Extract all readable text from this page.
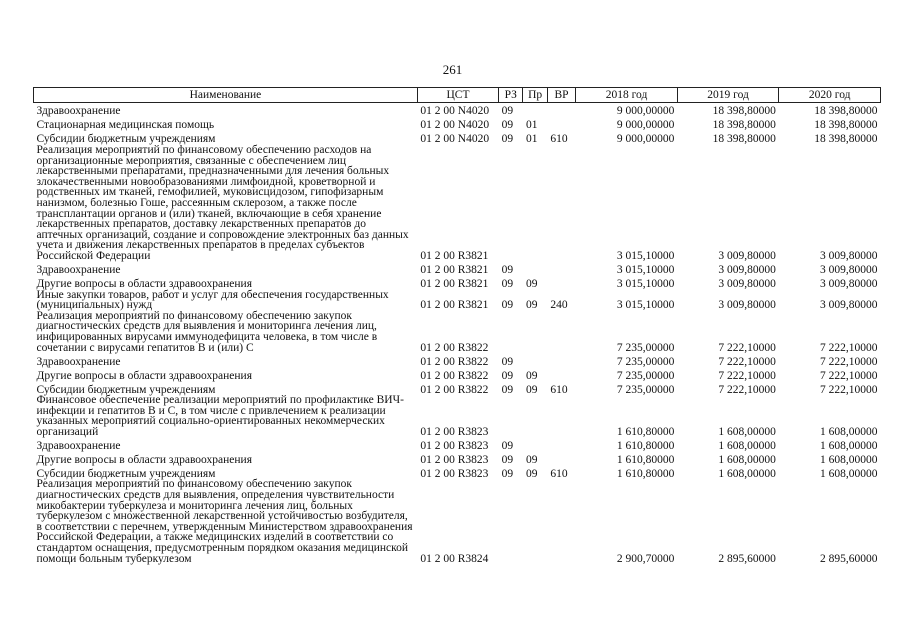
261
Наименование	ЦСТ	РЗ	Пр	ВР	2018 год	2019 год	2020 год
Здравоохранение	01 2 00 N4020	09			9 000,00000	18 398,80000	18 398,80000
Стационарная медицинская помощь	01 2 00 N4020	09	01		9 000,00000	18 398,80000	18 398,80000
Субсидии бюджетным учреждениям	01 2 00 N4020	09	01	610	9 000,00000	18 398,80000	18 398,80000
Реализация мероприятий по финансовому обеспечению расходов на организационные мероприятия, связанные с обеспечением лиц лекарственными препаратами, предназначенными для лечения больных злокачественными новообразованиями лимфоидной, кроветворной и родственных им тканей, гемофилией, муковисцидозом, гипофизарным нанизмом, болезнью Гоше, рассеянным склерозом, а также после трансплантации органов и (или) тканей, включающие в себя хранение лекарственных препаратов, доставку лекарственных препаратов до аптечных организаций, создание и сопровождение электронных баз данных учета и движения лекарственных препаратов в пределах субъектов Российской Федерации	01 2 00 R3821				3 015,10000	3 009,80000	3 009,80000
Здравоохранение	01 2 00 R3821	09			3 015,10000	3 009,80000	3 009,80000
Другие вопросы в области здравоохранения	01 2 00 R3821	09	09		3 015,10000	3 009,80000	3 009,80000
Иные закупки товаров, работ и услуг для обеспечения государственных (муниципальных) нужд	01 2 00 R3821	09	09	240	3 015,10000	3 009,80000	3 009,80000
Реализация мероприятий по финансовому обеспечению закупок диагностических средств для выявления и мониторинга лечения лиц, инфицированных вирусами иммунодефицита человека, в том числе в сочетании с вирусами гепатитов В и (или) С	01 2 00 R3822				7 235,00000	7 222,10000	7 222,10000
Здравоохранение	01 2 00 R3822	09			7 235,00000	7 222,10000	7 222,10000
Другие вопросы в области здравоохранения	01 2 00 R3822	09	09		7 235,00000	7 222,10000	7 222,10000
Субсидии бюджетным учреждениям	01 2 00 R3822	09	09	610	7 235,00000	7 222,10000	7 222,10000
Финансовое обеспечение реализации мероприятий по профилактике ВИЧ-инфекции и гепатитов В и С, в том числе с привлечением к реализации указанных мероприятий социально-ориентированных некоммерческих организаций	01 2 00 R3823				1 610,80000	1 608,00000	1 608,00000
Здравоохранение	01 2 00 R3823	09			1 610,80000	1 608,00000	1 608,00000
Другие вопросы в области здравоохранения	01 2 00 R3823	09	09		1 610,80000	1 608,00000	1 608,00000
Субсидии бюджетным учреждениям	01 2 00 R3823	09	09	610	1 610,80000	1 608,00000	1 608,00000
Реализация мероприятий по финансовому обеспечению закупок диагностических средств для выявления, определения чувствительности микобактерии туберкулеза и мониторинга лечения лиц, больных туберкулезом с множественной лекарственной устойчивостью возбудителя, в соответствии с перечнем, утвержденным Министерством здравоохранения Российской Федерации, а также медицинских изделий в соответствии со стандартом оснащения, предусмотренным порядком оказания медицинской помощи больным туберкулезом	01 2 00 R3824				2 900,70000	2 895,60000	2 895,60000
